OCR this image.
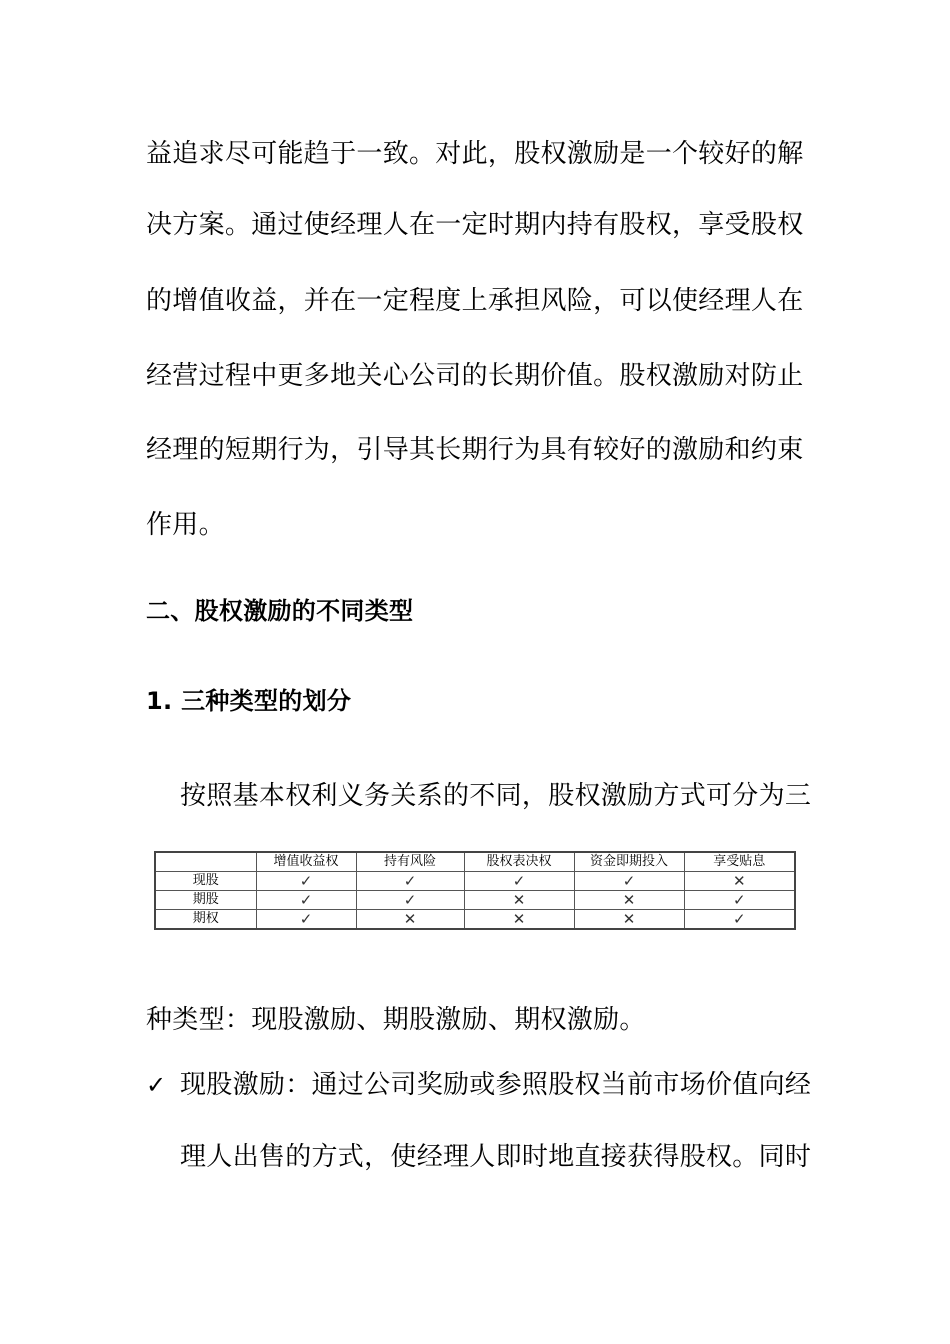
益追求尽可能趋于一致。对此，股权激励是一个较好的解
决方案。通过使经理人在一定时期内持有股权，享受股权
的增值收益，并在一定程度上承担风险，可以使经理人在
经营过程中更多地关心公司的长期价值。股权激励对防止
经理的短期行为，引导其长期行为具有较好的激励和约束
作用。
二、股权激励的不同类型
1. 三种类型的划分
按照基本权利义务关系的不同，股权激励方式可分为三
	增值收益权	持有风险	股权表决权	资金即期投入	享受贴息
现股	✓	✓	✓	✓	✕
期股	✓	✓	✕	✕	✓
期权	✓	✕	✕	✕	✓
种类型：现股激励、期股激励、期权激励。
✓ 现股激励：通过公司奖励或参照股权当前市场价值向经
理人出售的方式，使经理人即时地直接获得股权。同时
